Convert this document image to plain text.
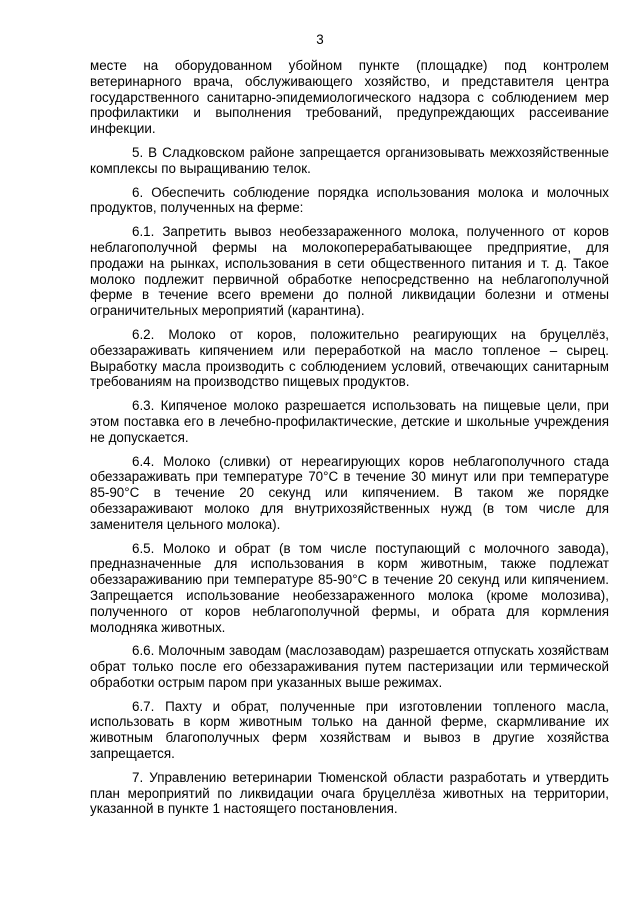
3

месте на оборудованном убойном пункте (площадке) под контролем ветеринарного врача, обслуживающего хозяйство, и представителя центра государственного санитарно-эпидемиологического надзора с соблюдением мер профилактики и выполнения требований, предупреждающих рассеивание инфекции.

5. В Сладковском районе запрещается организовывать межхозяйственные комплексы по выращиванию телок.

6. Обеспечить соблюдение порядка использования молока и молочных продуктов, полученных на ферме:

6.1. Запретить вывоз необеззараженного молока, полученного от коров неблагополучной фермы на молокоперерабатывающее предприятие, для продажи на рынках, использования в сети общественного питания и т. д. Такое молоко подлежит первичной обработке непосредственно на неблагополучной ферме в течение всего времени до полной ликвидации болезни и отмены ограничительных мероприятий (карантина).

6.2. Молоко от коров, положительно реагирующих на бруцеллёз, обеззараживать кипячением или переработкой на масло топленое – сырец. Выработку масла производить с соблюдением условий, отвечающих санитарным требованиям на производство пищевых продуктов.

6.3. Кипяченое молоко разрешается использовать на пищевые цели, при этом поставка его в лечебно-профилактические, детские и школьные учреждения не допускается.

6.4. Молоко (сливки) от нереагирующих коров неблагополучного стада обеззараживать при температуре 70°С в течение 30 минут или при температуре 85-90°С в течение 20 секунд или кипячением. В таком же порядке обеззараживают молоко для внутрихозяйственных нужд (в том числе для заменителя цельного молока).

6.5. Молоко и обрат (в том числе поступающий с молочного завода), предназначенные для использования в корм животным, также подлежат обеззараживанию при температуре 85-90°С в течение 20 секунд или кипячением. Запрещается использование необеззараженного молока (кроме молозива), полученного от коров неблагополучной фермы, и обрата для кормления молодняка животных.

6.6. Молочным заводам (маслозаводам) разрешается отпускать хозяйствам обрат только после его обеззараживания путем пастеризации или термической обработки острым паром при указанных выше режимах.

6.7. Пахту и обрат, полученные при изготовлении топленого масла, использовать в корм животным только на данной ферме, скармливание их животным благополучных ферм хозяйствам и вывоз в другие хозяйства запрещается.

7. Управлению ветеринарии Тюменской области разработать и утвердить план мероприятий по ликвидации очага бруцеллёза животных на территории, указанной в пункте 1 настоящего постановления.
